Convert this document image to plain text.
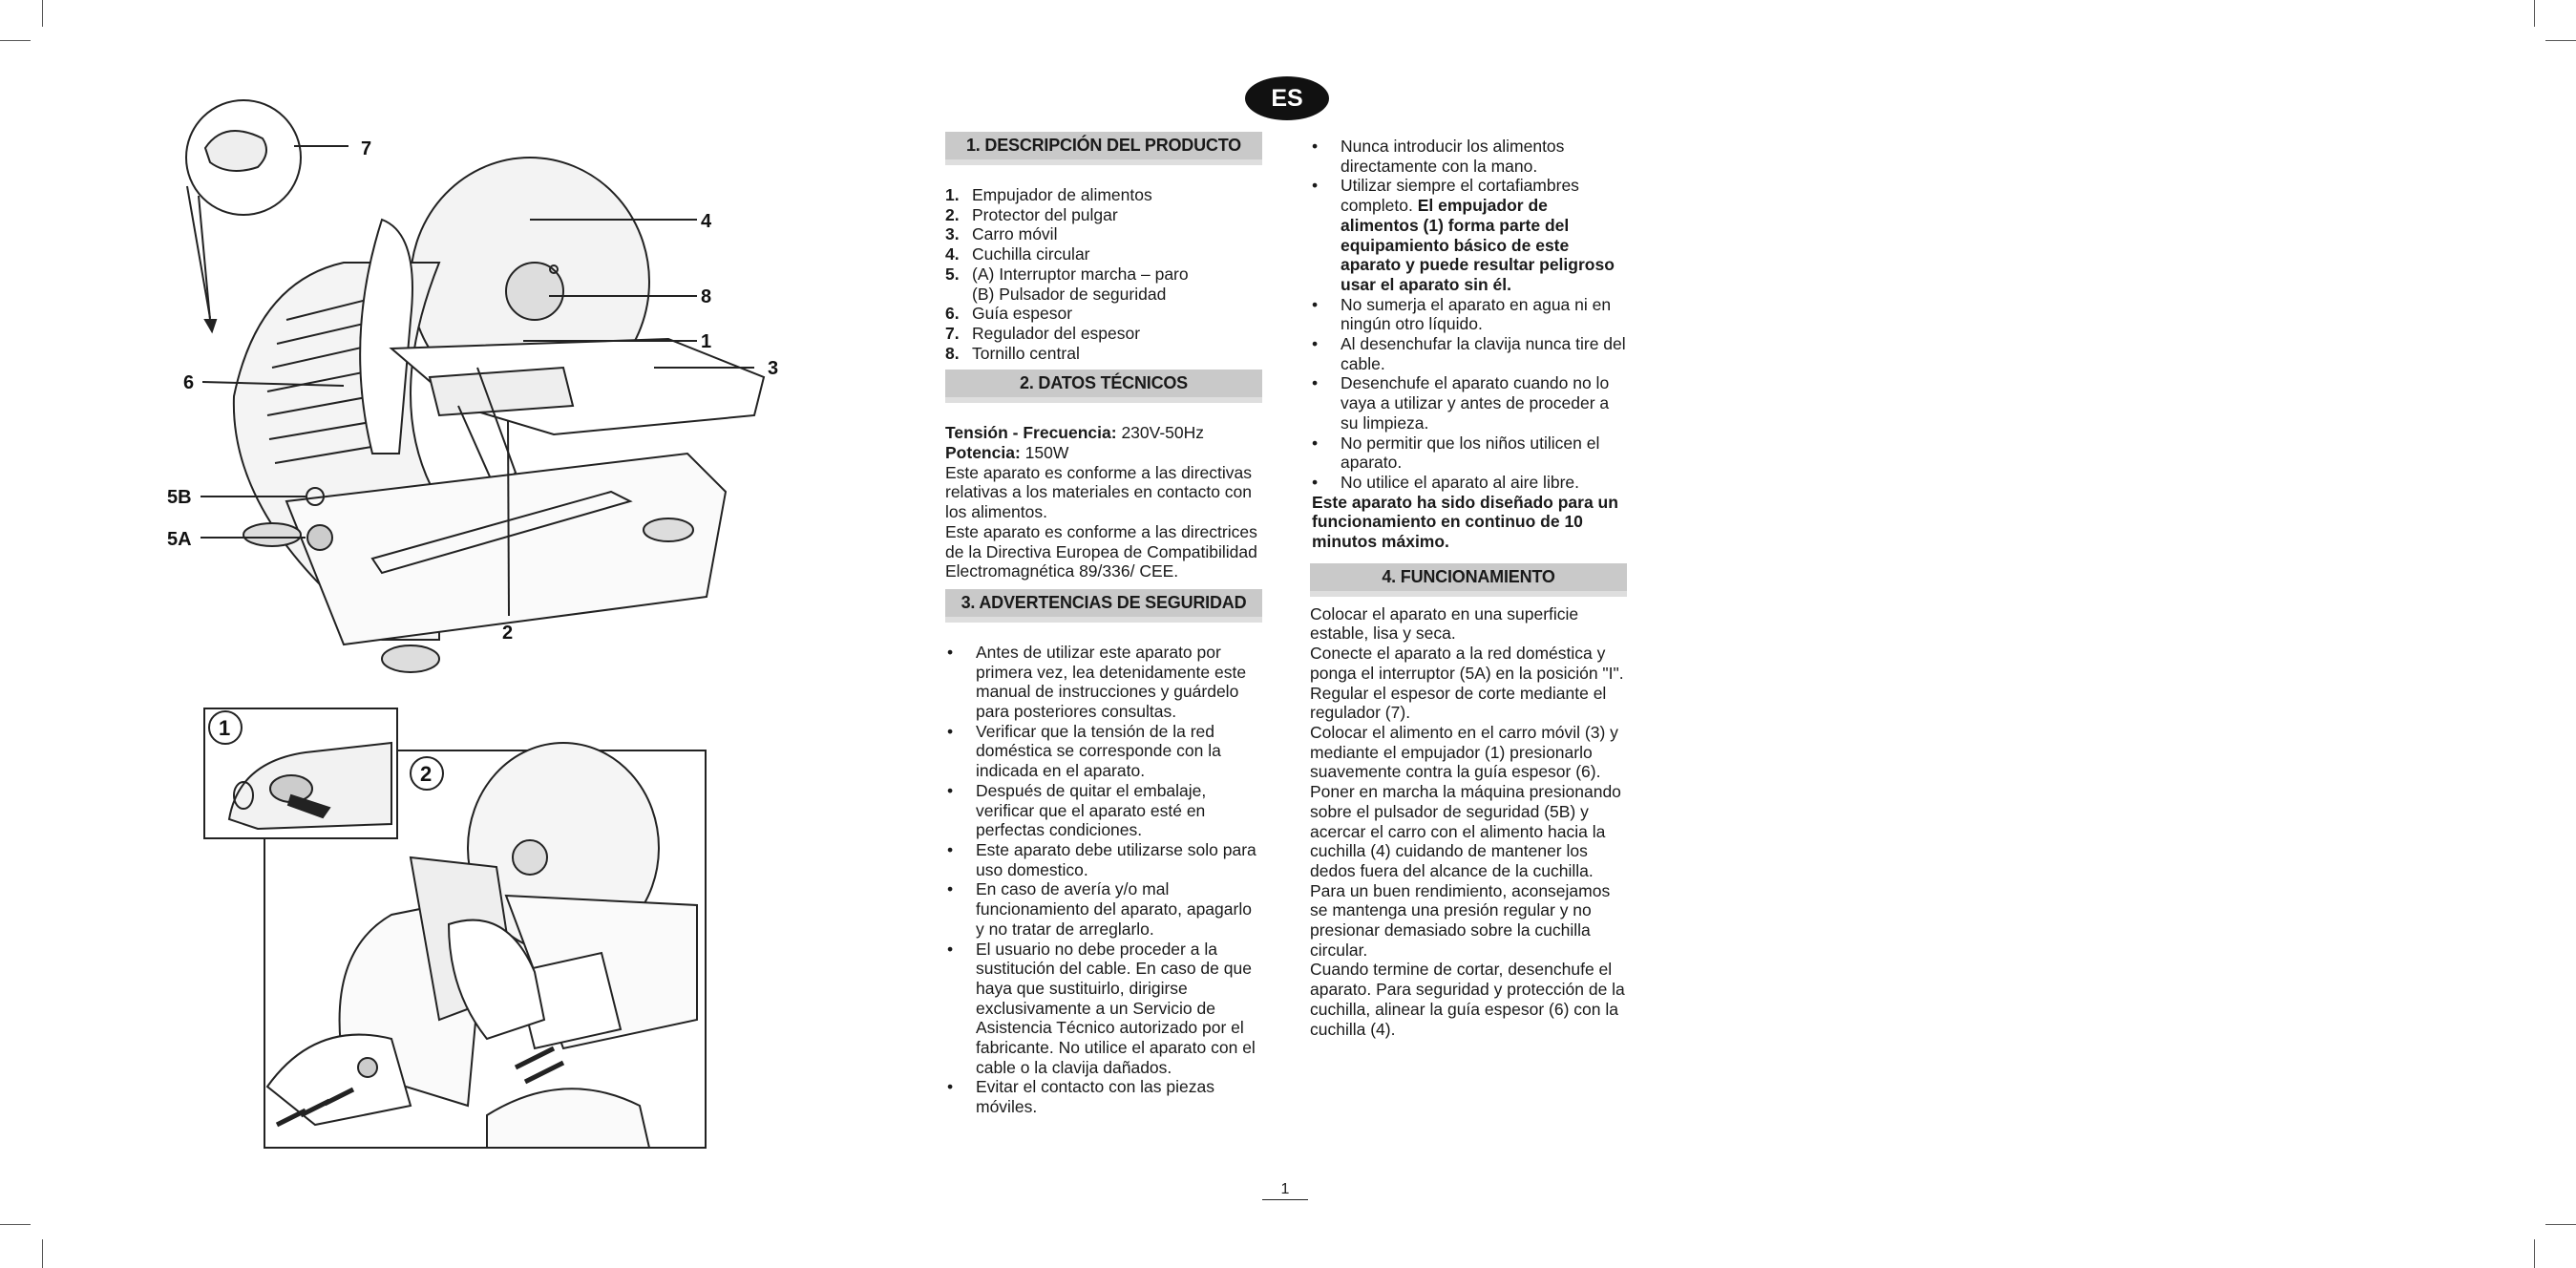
ES
7
4
8
1
3
6
5B
5A
2
1
2
1. DESCRIPCIÓN DEL PRODUCTO
1. Empujador de alimentos
2. Protector del pulgar
3. Carro móvil
4. Cuchilla circular
5. (A) Interruptor marcha – paro
(B) Pulsador de seguridad
6. Guía espesor
7. Regulador del espesor
8. Tornillo central
2. DATOS TÉCNICOS

Tensión - Frecuencia: 230V-50Hz

Potencia: 150W

Este aparato es conforme a las directivas relativas a los materiales en contacto con los alimentos.

Este aparato es conforme a las directrices de la Directiva Europea de Compatibilidad Electromagnética 89/336/ CEE.

3. ADVERTENCIAS DE SEGURIDAD
•	Antes de utilizar este aparato por primera vez, lea detenidamente este manual de instrucciones y guárdelo para posteriores consultas.
•	Verificar que la tensión de la red doméstica se corresponde con la indicada en el aparato.
•	Después de quitar el embalaje, verificar que el aparato esté en perfectas condiciones.
•	Este aparato debe utilizarse solo para uso domestico.
•	En caso de avería y/o mal funcionamiento del aparato, apagarlo y no tratar de arreglarlo.
•	El usuario no debe proceder a la sustitución del cable. En caso de que haya que sustituirlo, dirigirse exclusivamente a un Servicio de Asistencia Técnico autorizado por el fabricante. No utilice el aparato con el cable o la clavija dañados.
•	Evitar el contacto con las piezas móviles.
•	Nunca introducir los alimentos directamente con la mano.
•	Utilizar siempre el cortafiambres completo. El empujador de alimentos (1) forma parte del equipamiento básico de este aparato y puede resultar peligroso usar el aparato sin él.
•	No sumerja el aparato en agua ni en ningún otro líquido.
•	Al desenchufar la clavija nunca tire del cable.
•	Desenchufe el aparato cuando no lo vaya a utilizar y antes de proceder a su limpieza.
•	No permitir que los niños utilicen el aparato.
•	No utilice el aparato al aire libre.

Este aparato ha sido diseñado para un funcionamiento en continuo de 10 minutos máximo.

4. FUNCIONAMIENTO

Colocar el aparato en una superficie estable, lisa y seca.

Conecte el aparato a la red doméstica y ponga el interruptor (5A) en la posición "I".

Regular el espesor de corte mediante el regulador (7).

Colocar el alimento en el carro móvil (3) y mediante el empujador (1) presionarlo suavemente contra la guía espesor (6).

Poner en marcha la máquina presionando sobre el pulsador de seguridad (5B) y acercar el carro con el alimento hacia la cuchilla (4) cuidando de mantener los dedos fuera del alcance de la cuchilla.

Para un buen rendimiento, aconsejamos se mantenga una presión regular y no presionar demasiado sobre la cuchilla circular.

Cuando termine de cortar, desenchufe el aparato. Para seguridad y protección de la cuchilla, alinear la guía espesor (6) con la cuchilla (4).

1
